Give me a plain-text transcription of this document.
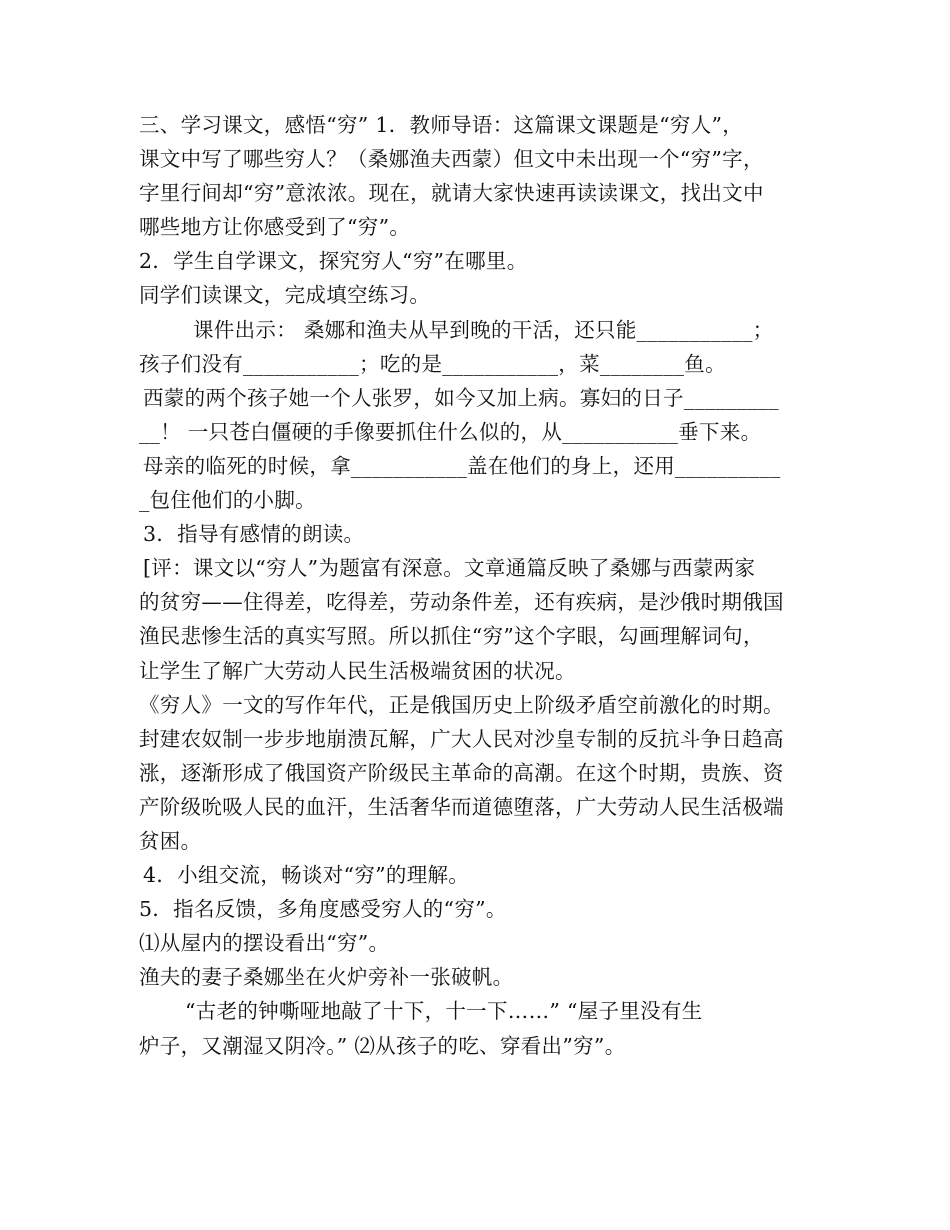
三、学习课文，感悟“穷” 1．教师导语：这篇课文课题是“穷人”，

课文中写了哪些穷人？（桑娜渔夫西蒙）但文中未出现一个“穷”字，

字里行间却“穷”意浓浓。现在，就请大家快速再读读课文，找出文中

哪些地方让你感受到了“穷”。

2．学生自学课文，探究穷人“穷”在哪里。

同学们读课文，完成填空练习。

课件出示： 桑娜和渔夫从早到晚的干活，还只能___________；

孩子们没有___________；吃的是___________，菜________鱼。

西蒙的两个孩子她一个人张罗，如今又加上病。寡妇的日子_________

__！ 一只苍白僵硬的手像要抓住什么似的，从___________垂下来。

母亲的临死的时候，拿___________盖在他们的身上，还用__________

_包住他们的小脚。

3．指导有感情的朗读。

[评：课文以“穷人”为题富有深意。文章通篇反映了桑娜与西蒙两家

的贫穷——住得差，吃得差，劳动条件差，还有疾病，是沙俄时期俄国

渔民悲惨生活的真实写照。所以抓住“穷”这个字眼，勾画理解词句，

让学生了解广大劳动人民生活极端贫困的状况。

《穷人》一文的写作年代，正是俄国历史上阶级矛盾空前激化的时期。

封建农奴制一步步地崩溃瓦解，广大人民对沙皇专制的反抗斗争日趋高

涨，逐渐形成了俄国资产阶级民主革命的高潮。在这个时期，贵族、资

产阶级吮吸人民的血汗，生活奢华而道德堕落，广大劳动人民生活极端

贫困。

4．小组交流，畅谈对“穷”的理解。

5．指名反馈，多角度感受穷人的“穷”。

⑴从屋内的摆设看出“穷”。

渔夫的妻子桑娜坐在火炉旁补一张破帆。

“古老的钟嘶哑地敲了十下，十一下……” “屋子里没有生

炉子，又潮湿又阴冷。” ⑵从孩子的吃、穿看出”穷”。
